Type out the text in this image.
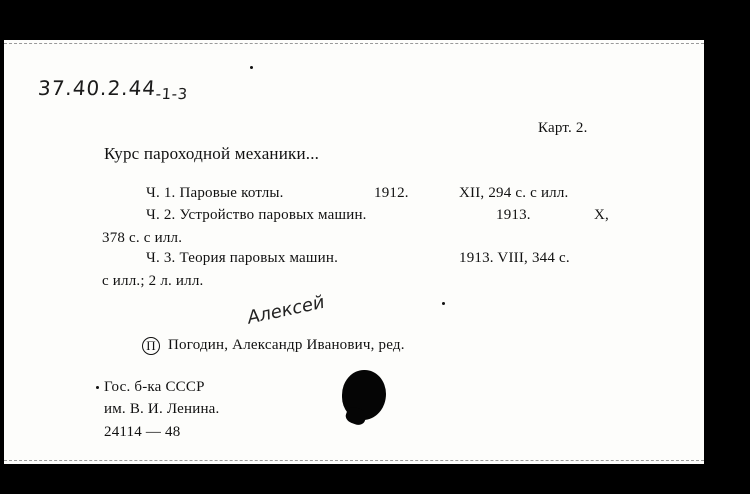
$37.40.2.44_{-1-3}$
Карт. 2.
Курс пароходной механики...
Ч. 1. Паровые котлы.	1912.	XII, 294 с. с илл.
Ч. 2. Устройство паровых машин.	1913.	X,
378 с. с илл.
Ч. 3. Теория паровых машин.	1913. VIII, 344 с.
с илл.; 2 л. илл.
Алексей
П Погодин, Александр Иванович, ред.
Гос. б-ка СССР
им. В. И. Ленина.
24114 — 48
